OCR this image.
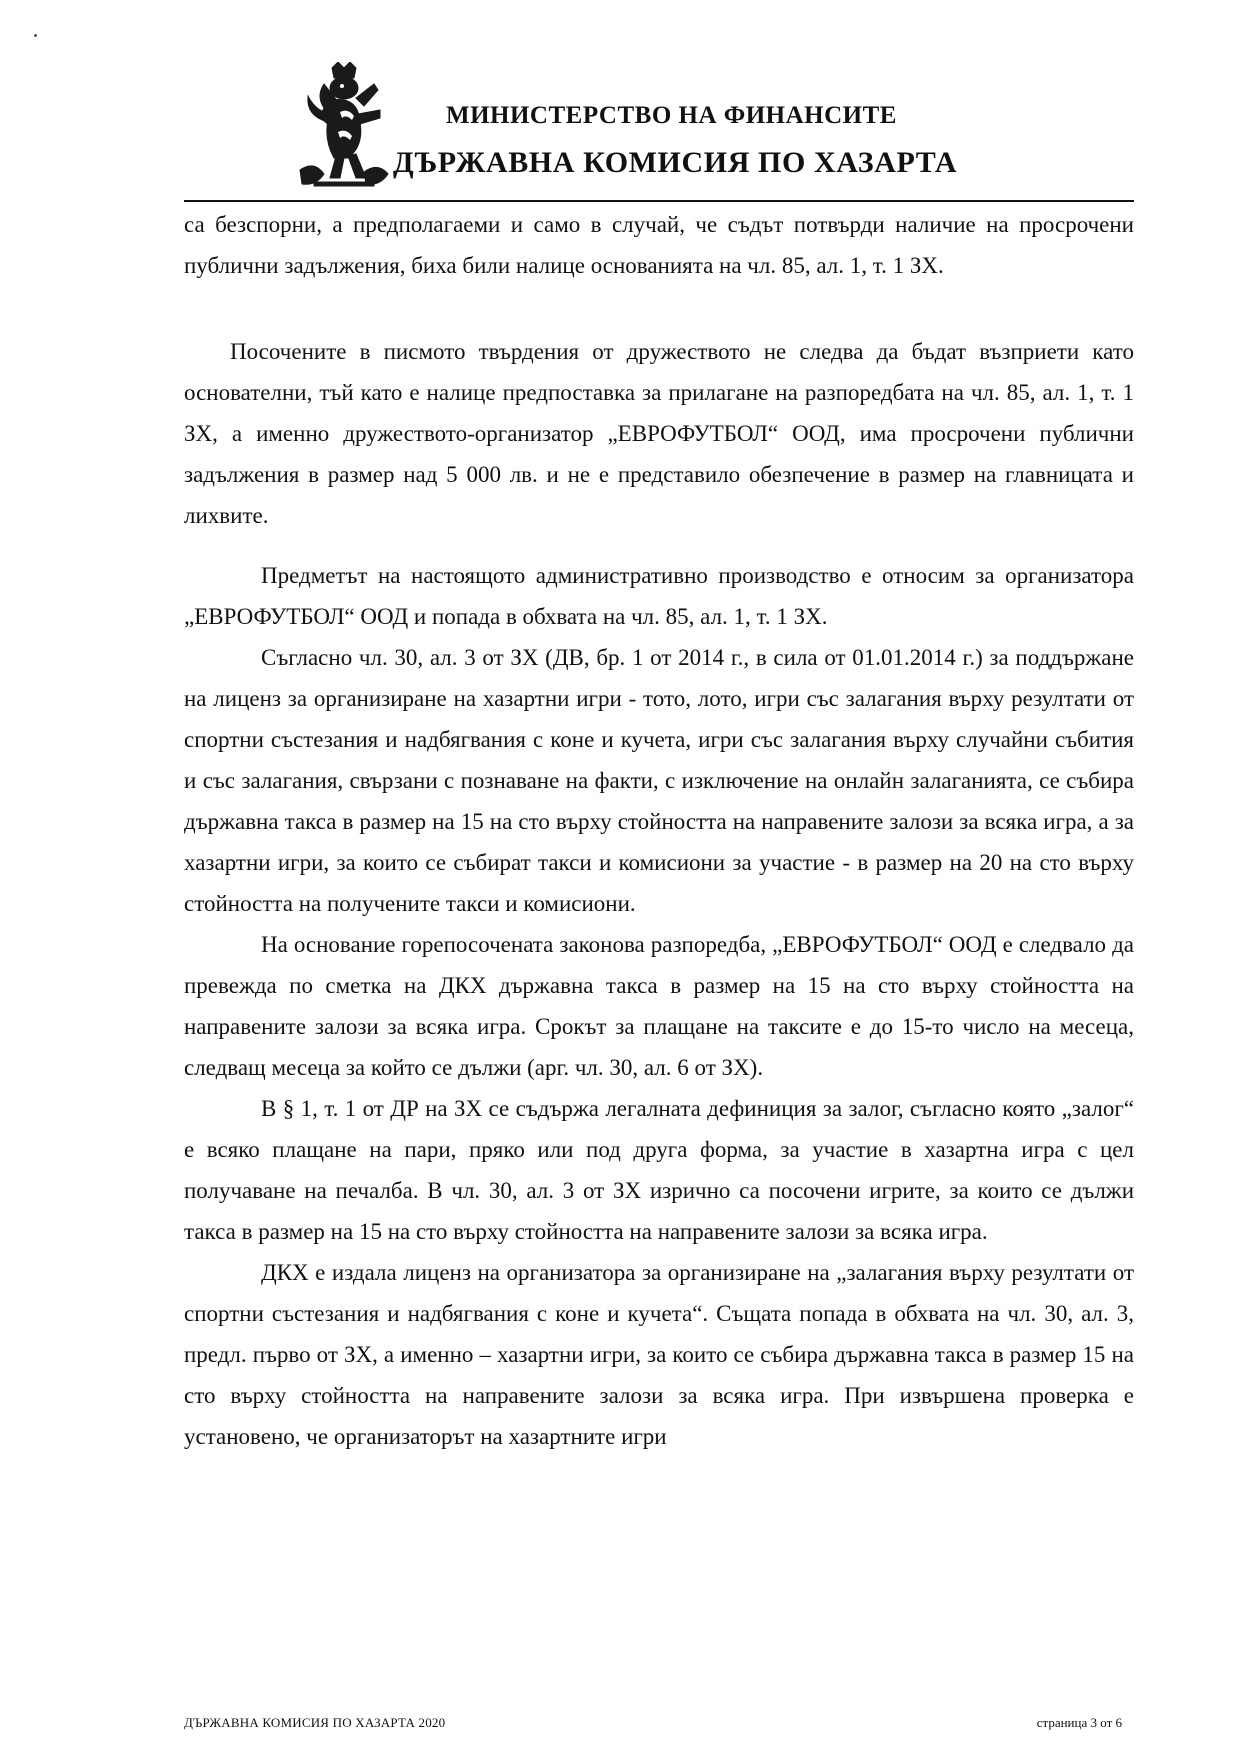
МИНИСТЕРСТВО НА ФИНАНСИТЕ
ДЪРЖАВНА КОМИСИЯ ПО ХАЗАРТА

са безспорни, а предполагаеми и само в случай, че съдът потвърди наличие на просрочени публични задължения, биха били налице основанията на чл. 85, ал. 1, т. 1 ЗХ.

Посочените в писмото твърдения от дружеството не следва да бъдат възприети като основателни, тъй като е налице предпоставка за прилагане на разпоредбата на чл. 85, ал. 1, т. 1 ЗХ, а именно дружеството-организатор „ЕВРОФУТБОЛ“ ООД, има просрочени публични задължения в размер над 5 000 лв. и не е представило обезпечение в размер на главницата и лихвите.

Предметът на настоящото административно производство е относим за организатора „ЕВРОФУТБОЛ“ ООД и попада в обхвата на чл. 85, ал. 1, т. 1 ЗХ.

Съгласно чл. 30, ал. 3 от ЗХ (ДВ, бр. 1 от 2014 г., в сила от 01.01.2014 г.) за поддържане на лиценз за организиране на хазартни игри - тото, лото, игри със залагания върху резултати от спортни състезания и надбягвания с коне и кучета, игри със залагания върху случайни събития и със залагания, свързани с познаване на факти, с изключение на онлайн залаганията, се събира държавна такса в размер на 15 на сто върху стойността на направените залози за всяка игра, а за хазартни игри, за които се събират такси и комисиони за участие - в размер на 20 на сто върху стойността на получените такси и комисиони.

На основание горепосочената законова разпоредба, „ЕВРОФУТБОЛ“ ООД е следвало да превежда по сметка на ДКХ държавна такса в размер на 15 на сто върху стойността на направените залози за всяка игра. Срокът за плащане на таксите е до 15-то число на месеца, следващ месеца за който се дължи (арг. чл. 30, ал. 6 от ЗХ).

В § 1, т. 1 от ДР на ЗХ се съдържа легалната дефиниция за залог, съгласно която „залог“ е всяко плащане на пари, пряко или под друга форма, за участие в хазартна игра с цел получаване на печалба. В чл. 30, ал. 3 от ЗХ изрично са посочени игрите, за които се дължи такса в размер на 15 на сто върху стойността на направените залози за всяка игра.

ДКХ е издала лиценз на организатора за организиране на „залагания върху резултати от спортни състезания и надбягвания с коне и кучета“. Същата попада в обхвата на чл. 30, ал. 3, предл. първо от ЗХ, а именно – хазартни игри, за които се събира държавна такса в размер 15 на сто върху стойността на направените залози за всяка игра. При извършена проверка е установено, че организаторът на хазартните игри

ДЪРЖАВНА КОМИСИЯ ПО ХАЗАРТА 2020	страница 3 от 6
